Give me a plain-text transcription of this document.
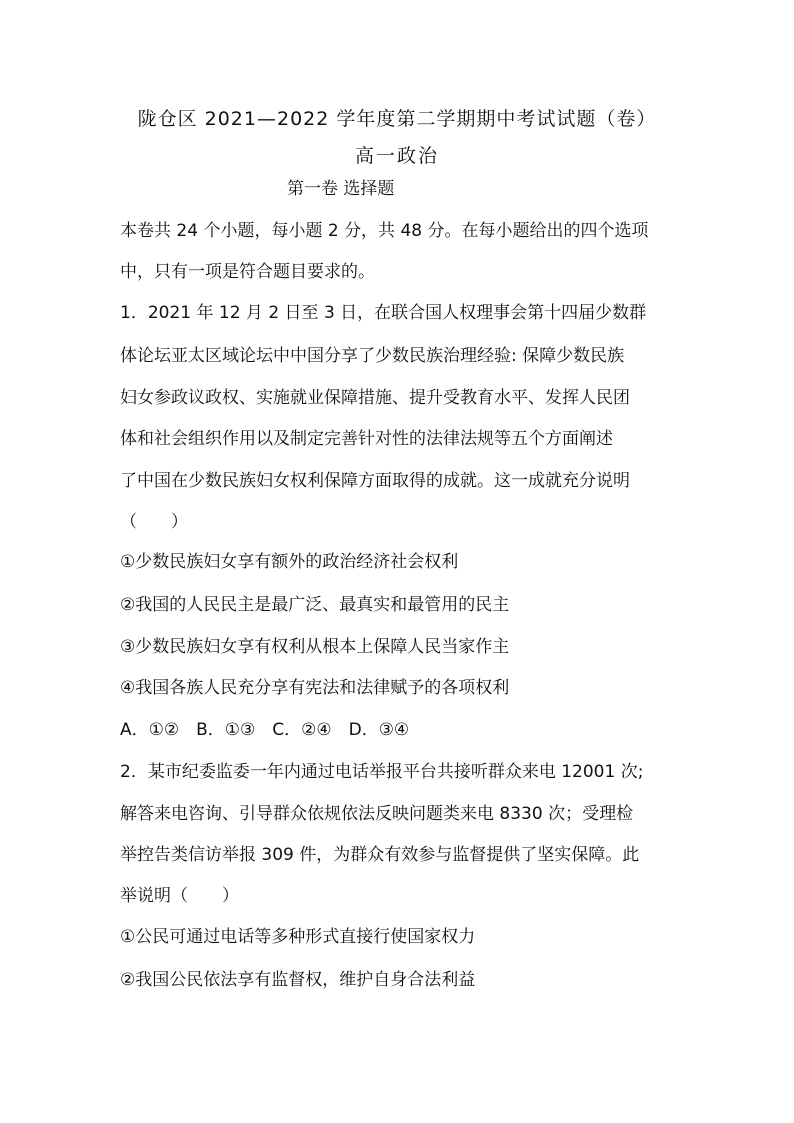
陇仓区 2021—2022 学年度第二学期期中考试试题（卷）
高一政治
第一卷 选择题
本卷共 24 个小题，每小题 2 分，共 48 分。在每小题给出的四个选项
中，只有一项是符合题目要求的。
1．2021 年 12 月 2 日至 3 日，在联合国人权理事会第十四届少数群
体论坛亚太区域论坛中中国分享了少数民族治理经验: 保障少数民族
妇女参政议政权、实施就业保障措施、提升受教育水平、发挥人民团
体和社会组织作用以及制定完善针对性的法律法规等五个方面阐述
了中国在少数民族妇女权利保障方面取得的成就。这一成就充分说明
（　　）
①少数民族妇女享有额外的政治经济社会权利
②我国的人民民主是最广泛、最真实和最管用的民主
③少数民族妇女享有权利从根本上保障人民当家作主
④我国各族人民充分享有宪法和法律赋予的各项权利
A．①②　B．①③　C．②④　D．③④
2．某市纪委监委一年内通过电话举报平台共接听群众来电 12001 次;
解答来电咨询、引导群众依规依法反映问题类来电 8330 次；受理检
举控告类信访举报 309 件，为群众有效参与监督提供了坚实保障。此
举说明（　　）
①公民可通过电话等多种形式直接行使国家权力
②我国公民依法享有监督权，维护自身合法利益
